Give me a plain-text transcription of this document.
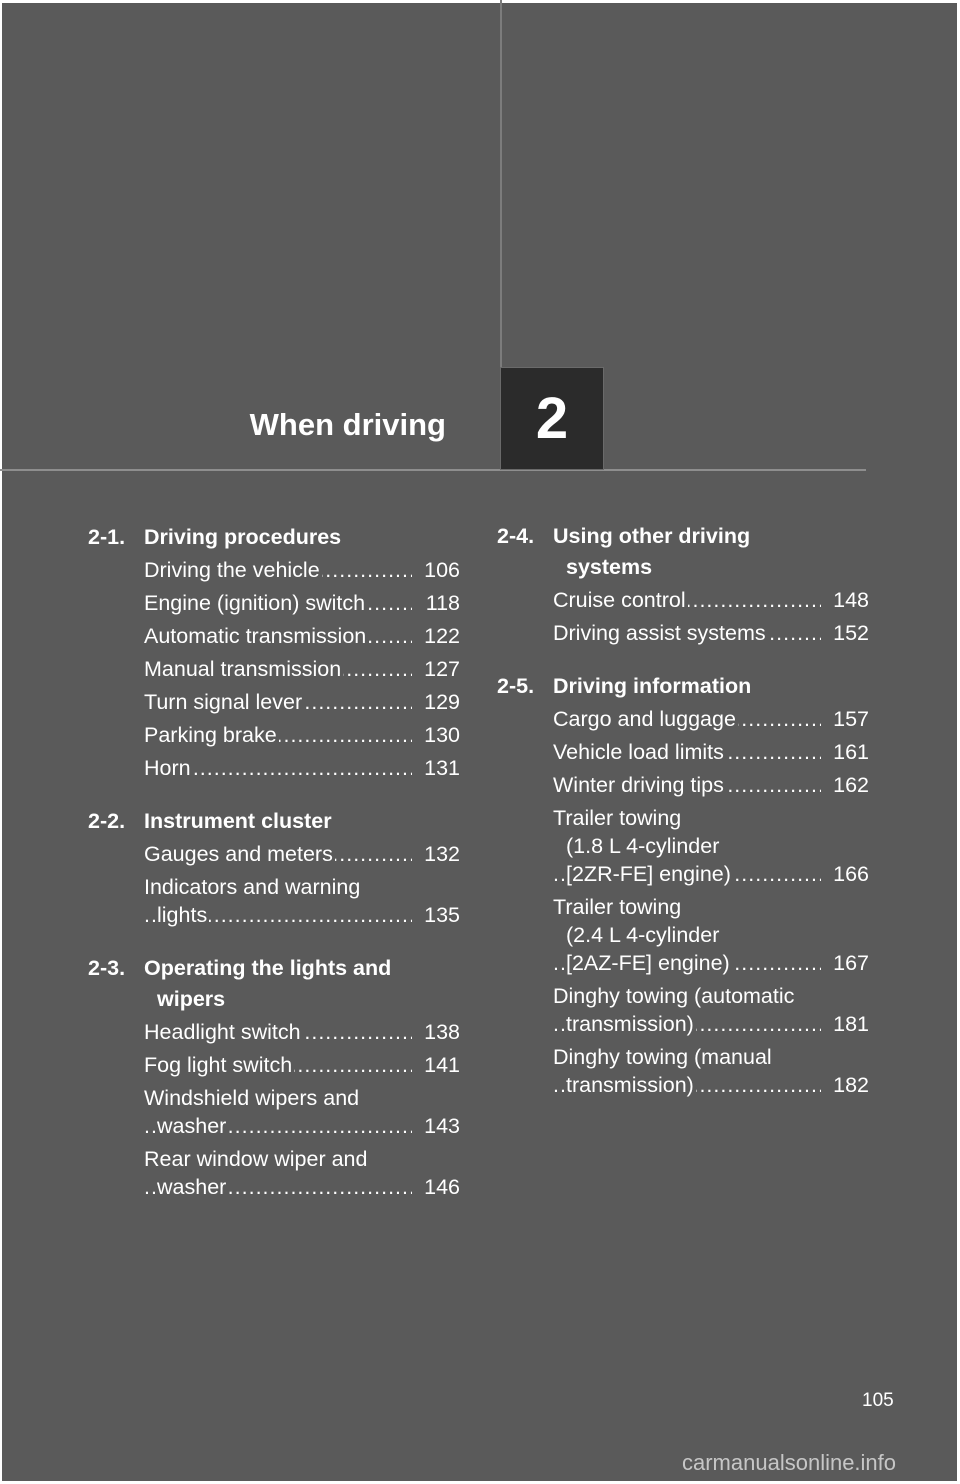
When driving 2
2-1. Driving procedures
Driving the vehicle .....	106
Engine (ignition) switch .....	118
Automatic transmission .....	122
Manual transmission .....	127
Turn signal lever .....	129
Parking brake .....	130
Horn .....	131
2-2. Instrument cluster
Gauges and meters .....	132
Indicators and warning
lights .....	135
2-3. Operating the lights and
wipers
Headlight switch .....	138
Fog light switch .....	141
Windshield wipers and
washer .....	143
Rear window wiper and
washer .....	146
2-4. Using other driving
systems
Cruise control .....	148
Driving assist systems .....	152
2-5. Driving information
Cargo and luggage .....	157
Vehicle load limits .....	161
Winter driving tips .....	162
Trailer towing
(1.8 L 4-cylinder
[2ZR-FE] engine) .....	166
Trailer towing
(2.4 L 4-cylinder
[2AZ-FE] engine) .....	167
Dinghy towing (automatic
transmission) .....	181
Dinghy towing (manual
transmission) .....	182
105
carmanualsonline.info
